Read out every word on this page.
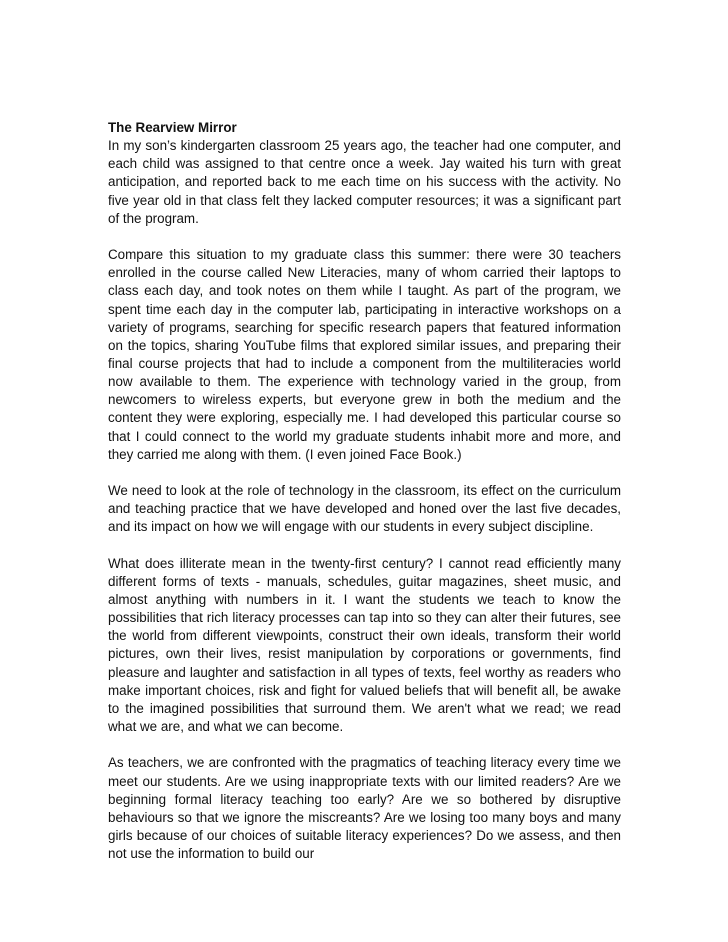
The Rearview Mirror

In my son’s kindergarten classroom 25 years ago, the teacher had one computer, and each child was assigned to that centre once a week. Jay waited his turn with great anticipation, and reported back to me each time on his success with the activity. No five year old in that class felt they lacked computer resources; it was a significant part of the program.

Compare this situation to my graduate class this summer: there were 30 teachers enrolled in the course called New Literacies, many of whom carried their laptops to class each day, and took notes on them while I taught. As part of the program, we spent time each day in the computer lab, participating in interactive workshops on a variety of programs, searching for specific research papers that featured information on the topics, sharing YouTube films that explored similar issues, and preparing their final course projects that had to include a component from the multiliteracies world now available to them. The experience with technology varied in the group, from newcomers to wireless experts, but everyone grew in both the medium and the content they were exploring, especially me. I had developed this particular course so that I could connect to the world my graduate students inhabit more and more, and they carried me along with them. (I even joined Face Book.)

We need to look at the role of technology in the classroom, its effect on the curriculum and teaching practice that we have developed and honed over the last five decades, and its impact on how we will engage with our students in every subject discipline.

What does illiterate mean in the twenty-first century? I cannot read efficiently many different forms of texts - manuals, schedules, guitar magazines, sheet music, and almost anything with numbers in it. I want the students we teach to know the possibilities that rich literacy processes can tap into so they can alter their futures, see the world from different viewpoints, construct their own ideals, transform their world pictures, own their lives, resist manipulation by corporations or governments, find pleasure and laughter and satisfaction in all types of texts, feel worthy as readers who make important choices, risk and fight for valued beliefs that will benefit all, be awake to the imagined possibilities that surround them. We aren't what we read; we read what we are, and what we can become.

As teachers, we are confronted with the pragmatics of teaching literacy every time we meet our students. Are we using inappropriate texts with our limited readers? Are we beginning formal literacy teaching too early? Are we so bothered by disruptive behaviours so that we ignore the miscreants? Are we losing too many boys and many girls because of our choices of suitable literacy experiences? Do we assess, and then not use the information to build our
